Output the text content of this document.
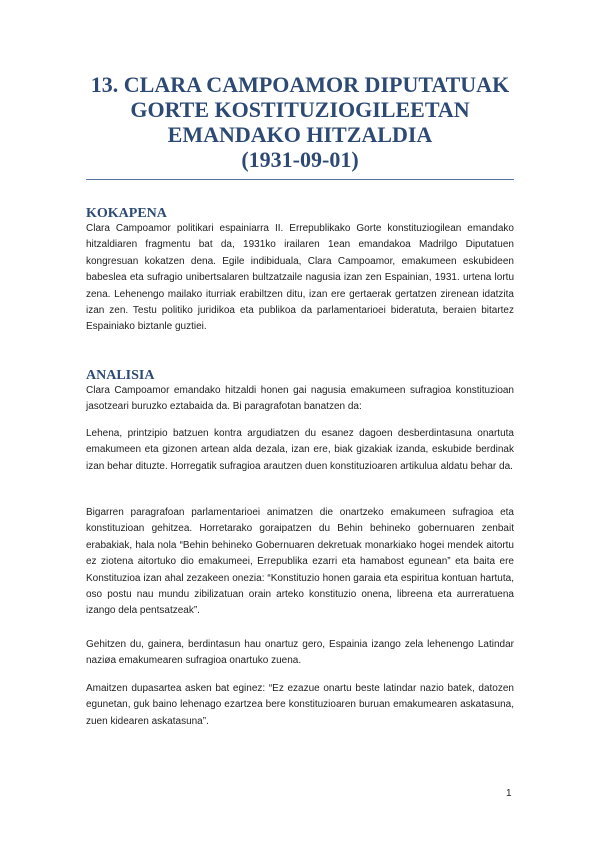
13. CLARA CAMPOAMOR DIPUTATUAK
GORTE KOSTITUZIOGILEETAN
EMANDAKO HITZALDIA
(1931-09-01)
KOKAPENA
Clara Campoamor politikari espainiarra II. Errepublikako Gorte konstituziogilean emandako hitzaldiaren fragmentu bat da, 1931ko irailaren 1ean emandakoa Madrilgo Diputatuen kongresuan kokatzen dena. Egile indibiduala, Clara Campoamor, emakumeen eskubideen babeslea eta sufragio unibertsalaren bultzatzaile nagusia izan zen Espainian, 1931. urtena lortu zena. Lehenengo mailako iturriak erabiltzen ditu, izan ere gertaerak gertatzen zirenean idatzita izan zen. Testu politiko juridikoa eta publikoa da parlamentarioei bideratuta, beraien bitartez Espainiako biztanle guztiei.
ANALISIA
Clara Campoamor emandako hitzaldi honen gai nagusia emakumeen sufragioa konstituzioan jasotzeari buruzko eztabaida da. Bi paragrafotan banatzen da:
Lehena, printzipio batzuen kontra argudiatzen du esanez dagoen desberdintasuna onartuta emakumeen eta gizonen artean alda dezala, izan ere, biak gizakiak izanda, eskubide berdinak izan behar dituzte. Horregatik sufragioa arautzen duen konstituzioaren artikulua aldatu behar da.
Bigarren paragrafoan parlamentarioei animatzen die onartzeko emakumeen sufragioa eta konstituzioan gehitzea. Horretarako goraipatzen du Behin behineko gobernuaren zenbait erabakiak, hala nola “Behin behineko Gobernuaren dekretuak monarkiako hogei mendek aitortu ez ziotena aitortuko dio emakumeei, Errepublika ezarri eta hamabost egunean” eta baita ere Konstituzioa izan ahal zezakeen onezia: “Konstituzio honen garaia eta espiritua kontuan hartuta, oso postu nau mundu zibilizatuan orain arteko konstituzio onena, libreena eta aurreratuena izango dela pentsatzeak”.
Gehitzen du, gainera, berdintasun hau onartuz gero, Espainia izango zela lehenengo Latindar naziøa emakumearen sufragioa onartuko zuena.
Amaitzen dupasartea asken bat eginez: “Ez ezazue onartu beste latindar nazio batek, datozen egunetan, guk baino lehenago ezartzea bere konstituzioaren buruan emakumearen askatasuna, zuen kidearen askatasuna”.
1
